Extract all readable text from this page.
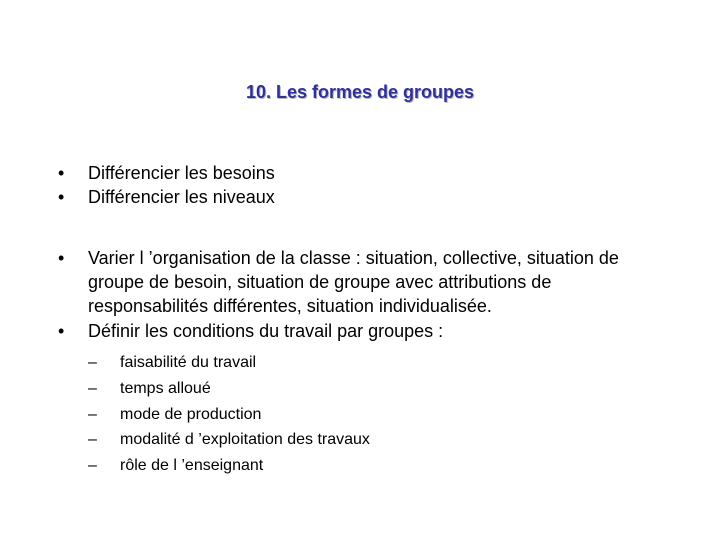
10. Les formes de groupes
•	Différencier les besoins
•	Différencier les niveaux
•	Varier l ’organisation de la classe : situation, collective, situation de groupe de besoin, situation de groupe avec attributions de responsabilités différentes, situation individualisée.
•	Définir les conditions du travail par groupes :
–	faisabilité du travail
–	temps alloué
–	mode de production
–	modalité d ’exploitation des travaux
–	rôle de l ’enseignant
